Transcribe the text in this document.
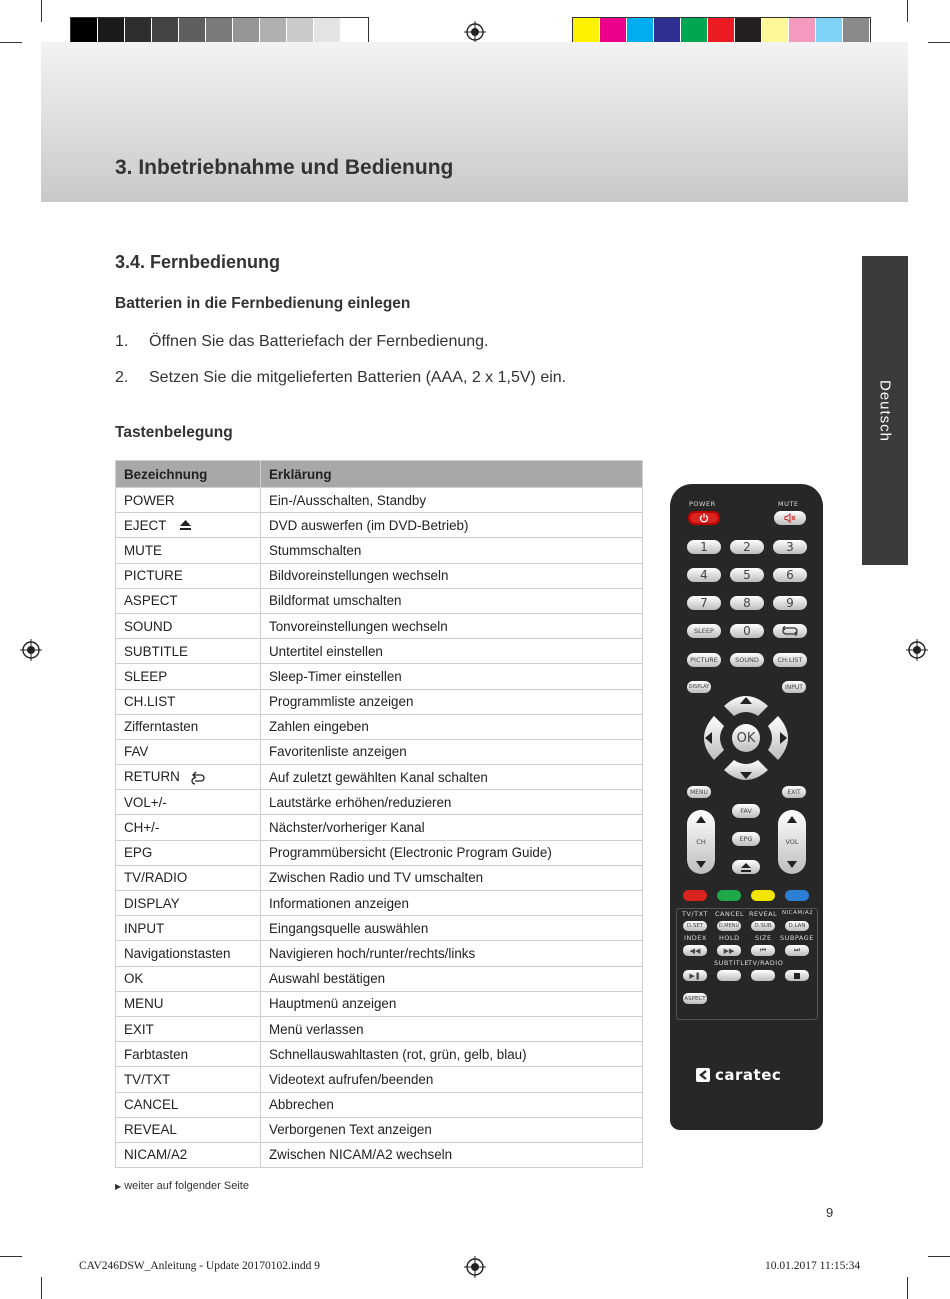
3. Inbetriebnahme und Bedienung
Deutsch
3.4. Fernbedienung
Batterien in die Fernbedienung einlegen
1. Öffnen Sie das Batteriefach der Fernbedienung.
2. Setzen Sie die mitgelieferten Batterien (AAA, 2 x 1,5V) ein.
Tastenbelegung
Bezeichnung	Erklärung
POWER	Ein-/Ausschalten, Standby
EJECT	DVD auswerfen (im DVD-Betrieb)
MUTE	Stummschalten
PICTURE	Bildvoreinstellungen wechseln
ASPECT	Bildformat umschalten
SOUND	Tonvoreinstellungen wechseln
SUBTITLE	Untertitel einstellen
SLEEP	Sleep-Timer einstellen
CH.LIST	Programmliste anzeigen
Zifferntasten	Zahlen eingeben
FAV	Favoritenliste anzeigen
RETURN	Auf zuletzt gewählten Kanal schalten
VOL+/-	Lautstärke erhöhen/reduzieren
CH+/-	Nächster/vorheriger Kanal
EPG	Programmübersicht (Electronic Program Guide)
TV/RADIO	Zwischen Radio und TV umschalten
DISPLAY	Informationen anzeigen
INPUT	Eingangsquelle auswählen
Navigationstasten	Navigieren hoch/runter/rechts/links
OK	Auswahl bestätigen
MENU	Hauptmenü anzeigen
EXIT	Menü verlassen
Farbtasten	Schnellauswahltasten (rot, grün, gelb, blau)
TV/TXT	Videotext aufrufen/beenden
CANCEL	Abbrechen
REVEAL	Verborgenen Text anzeigen
NICAM/A2	Zwischen NICAM/A2 wechseln
▶ weiter auf folgender Seite
9
CAV246DSW_Anleitung - Update 20170102.indd 9	10.01.2017 11:15:34
POWER	MUTE
1	2	3
4	5	6
7	8	9
SLEEP	0
PICTURE	SOUND	CH.LIST
DISPLAY	INPUT
OK
MENU	EXIT
FAV
EPG
CH	VOL
TV/TXT CANCEL REVEAL NICAM/A2
D.SET	D.MENU	D.SUB	D.LAN
INDEX HOLD SIZE SUBPAGE
◀◀	▶▶	⏮	⏭
SUBTITLE TV/RADIO
▶❚
ASPECT
caratec
